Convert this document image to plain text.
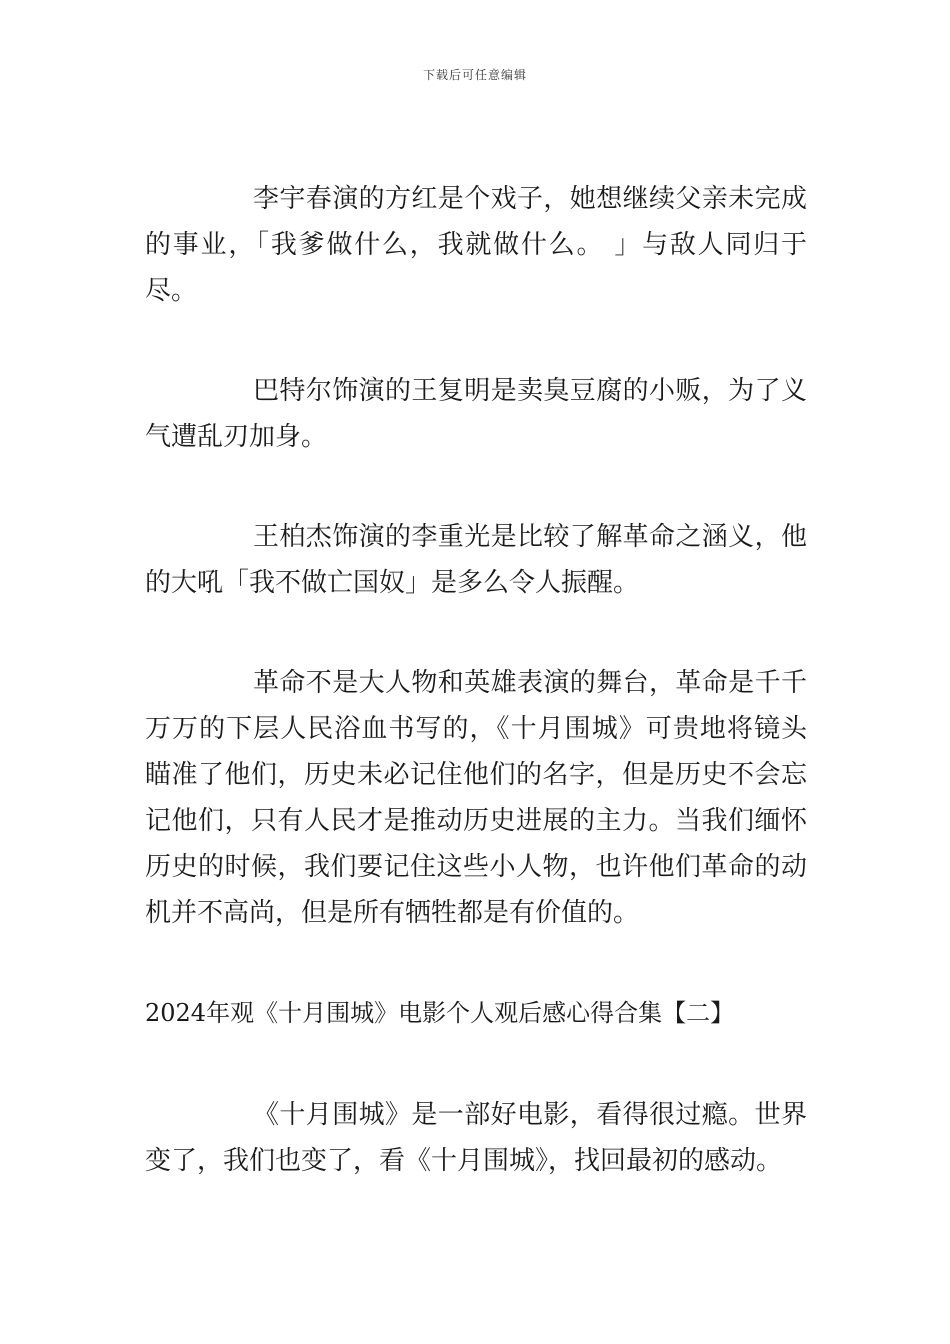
下载后可任意编辑

李宇春演的方红是个戏子，她想继续父亲未完成的事业，「我爹做什么，我就做什么。 」与敌人同归于尽。

巴特尔饰演的王复明是卖臭豆腐的小贩，为了义气遭乱刃加身。

王柏杰饰演的李重光是比较了解革命之涵义，他的大吼「我不做亡国奴」是多么令人振醒。

革命不是大人物和英雄表演的舞台，革命是千千万万的下层人民浴血书写的，《十月围城》可贵地将镜头瞄准了他们，历史未必记住他们的名字，但是历史不会忘记他们，只有人民才是推动历史进展的主力。当我们缅怀历史的时候，我们要记住这些小人物，也许他们革命的动机并不高尚，但是所有牺牲都是有价值的。

2024年观《十月围城》电影个人观后感心得合集【二】

《十月围城》是一部好电影，看得很过瘾。世界变了，我们也变了，看《十月围城》，找回最初的感动。
